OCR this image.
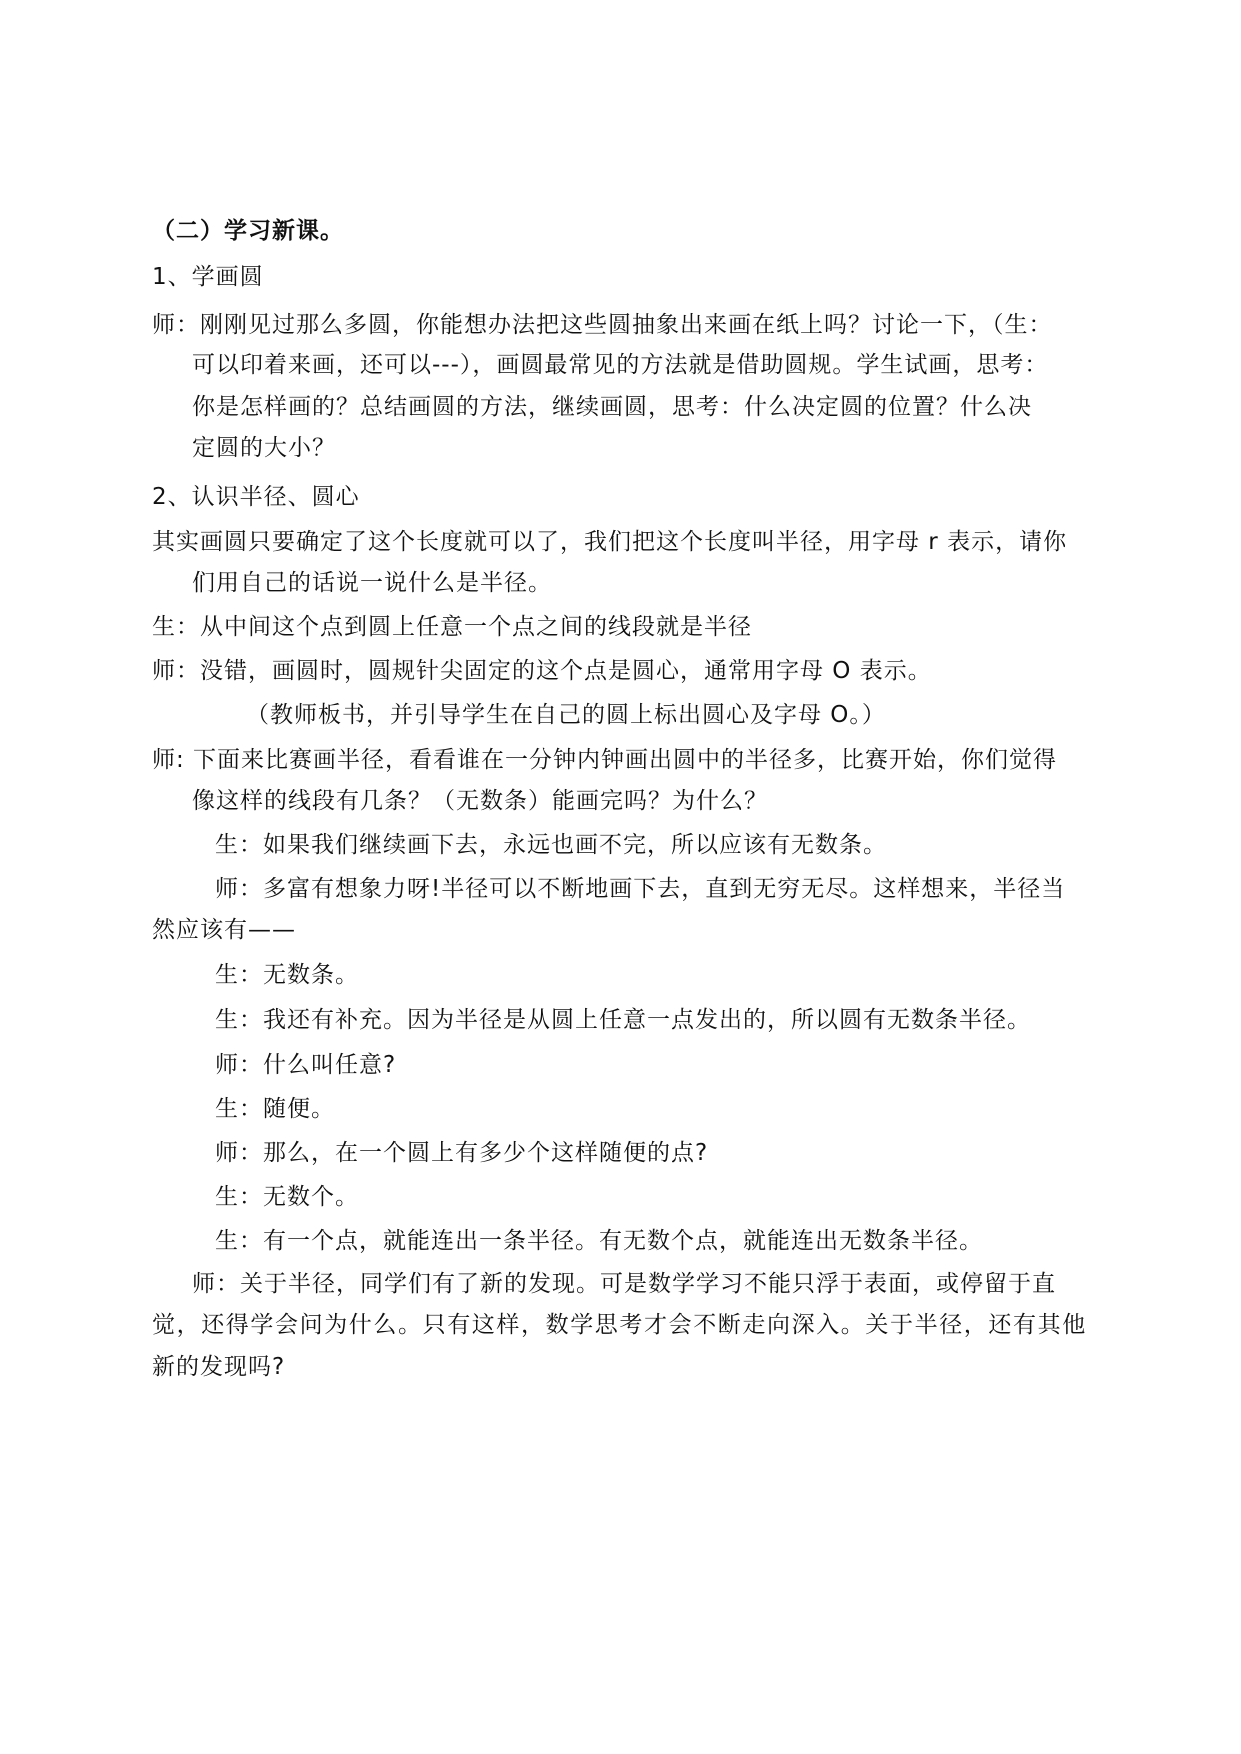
（二）学习新课。
1、学画圆
师：刚刚见过那么多圆，你能想办法把这些圆抽象出来画在纸上吗？讨论一下，（生：
可以印着来画，还可以---），画圆最常见的方法就是借助圆规。学生试画，思考：
你是怎样画的？总结画圆的方法，继续画圆，思考：什么决定圆的位置？什么决
定圆的大小？
2、认识半径、圆心
其实画圆只要确定了这个长度就可以了，我们把这个长度叫半径，用字母 r 表示，请你
们用自己的话说一说什么是半径。
生：从中间这个点到圆上任意一个点之间的线段就是半径
师：没错，画圆时，圆规针尖固定的这个点是圆心，通常用字母 O 表示。
（教师板书，并引导学生在自己的圆上标出圆心及字母 O。）
师: 下面来比赛画半径，看看谁在一分钟内钟画出圆中的半径多，比赛开始，你们觉得
像这样的线段有几条？（无数条）能画完吗？为什么？
生：如果我们继续画下去，永远也画不完，所以应该有无数条。
师：多富有想象力呀!半径可以不断地画下去，直到无穷无尽。这样想来，半径当
然应该有——
生：无数条。
生：我还有补充。因为半径是从圆上任意一点发出的，所以圆有无数条半径。
师：什么叫任意?
生：随便。
师：那么，在一个圆上有多少个这样随便的点?
生：无数个。
生：有一个点，就能连出一条半径。有无数个点，就能连出无数条半径。
师：关于半径，同学们有了新的发现。可是数学学习不能只浮于表面，或停留于直
觉，还得学会问为什么。只有这样，数学思考才会不断走向深入。关于半径，还有其他
新的发现吗?
